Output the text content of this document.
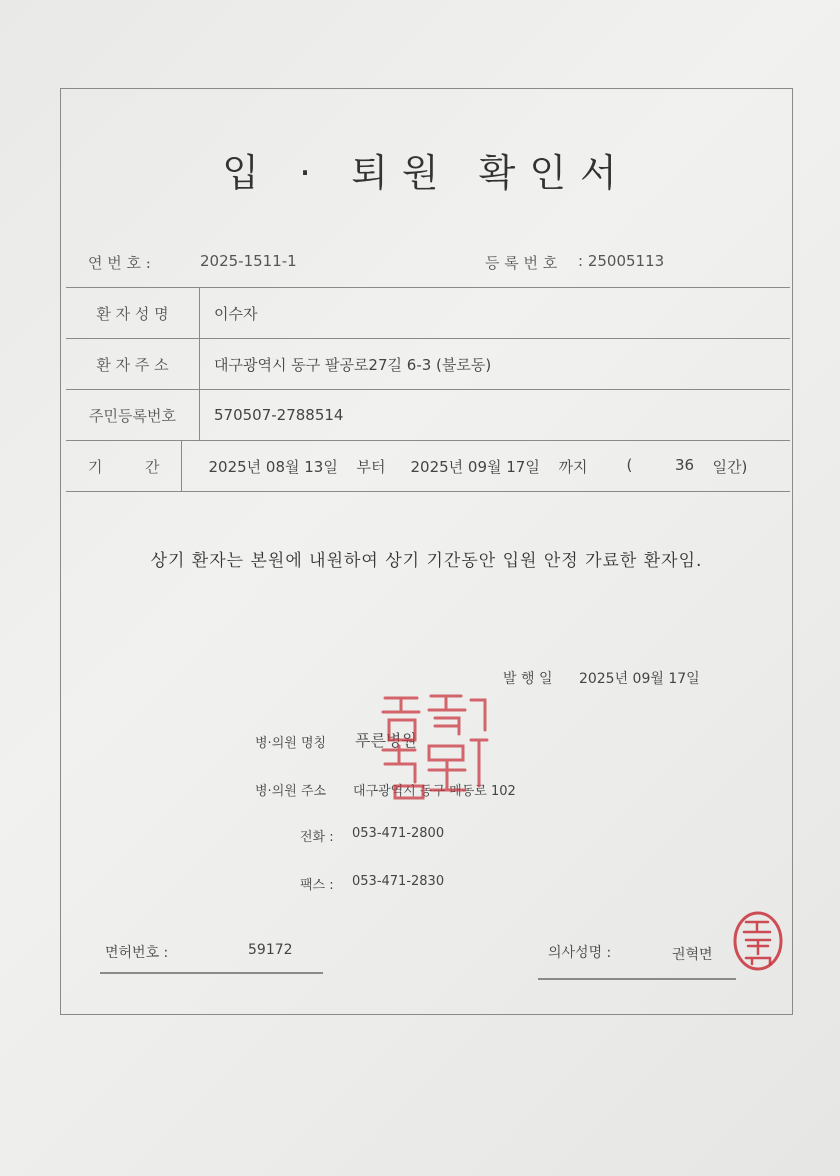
입 · 퇴원 확인서
연 번 호 :	2025-1511-1	등 록 번 호 : 25005113
환 자 성 명	이수자
환 자 주 소	대구광역시 동구 팔공로27길 6-3 (불로동)
주민등록번호	570507-2788514
기	간	2025년 08월 13일	부터	2025년 09월 17일	까지	(	36	일간)
상기 환자는 본원에 내원하여 상기 기간동안 입원 안정 가료한 환자임.
발 행 일 2025년 09월 17일
병·의원 명칭 푸른병원
병·의원 주소 대구광역시 동구 매동로 102
전화 : 053-471-2800
팩스 : 053-471-2830
면허번호 :	59172	의사성명 :	권혁면
